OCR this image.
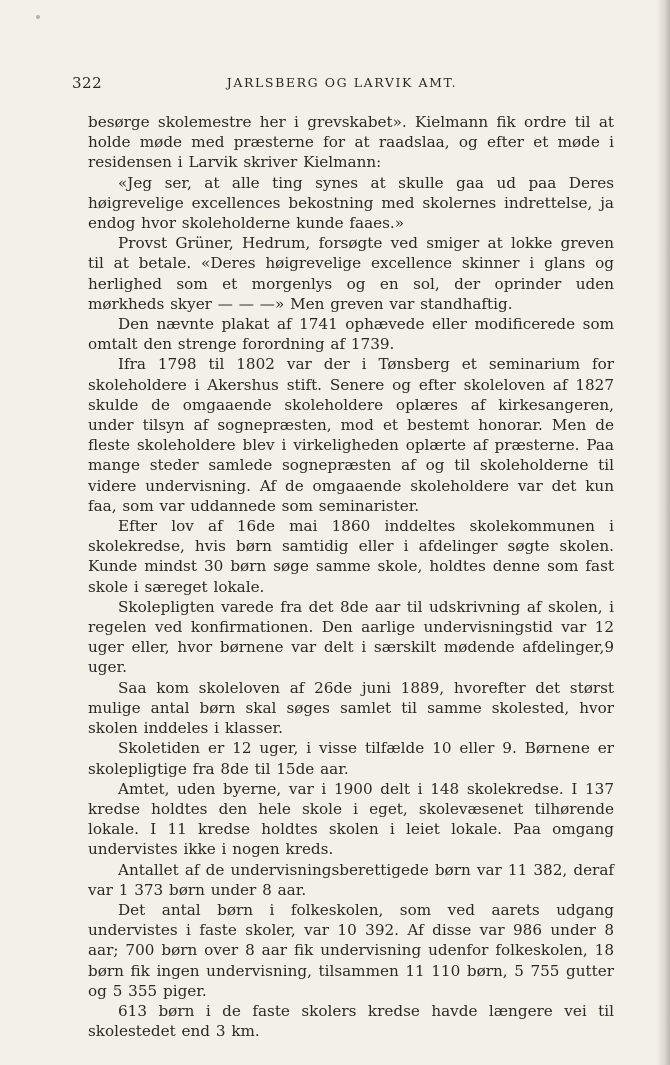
322	JARLSBERG OG LARVIK AMT.

besørge skolemestre her i grevskabet». Kielmann fik ordre til at holde møde med præsterne for at raadslaa, og efter et møde i residensen i Larvik skriver Kielmann:

«Jeg ser, at alle ting synes at skulle gaa ud paa Deres høigrevelige excellences bekostning med skolernes indrettelse, ja endog hvor skoleholderne kunde faaes.»

Provst Grüner, Hedrum, forsøgte ved smiger at lokke greven til at betale. «Deres høigrevelige excellence skinner i glans og herlighed som et morgenlys og en sol, der oprinder uden mørkheds skyer — — —» Men greven var standhaftig.

Den nævnte plakat af 1741 ophævede eller modificerede som omtalt den strenge forordning af 1739.

Ifra 1798 til 1802 var der i Tønsberg et seminarium for skoleholdere i Akershus stift. Senere og efter skoleloven af 1827 skulde de omgaaende skoleholdere oplæres af kirkesangeren, under tilsyn af sognepræsten, mod et bestemt honorar. Men de fleste skoleholdere blev i virkeligheden oplærte af præsterne. Paa mange steder samlede sognepræsten af og til skoleholderne til videre undervisning. Af de omgaaende skoleholdere var det kun faa, som var uddannede som seminarister.

Efter lov af 16de mai 1860 inddeltes skolekommunen i skolekredse, hvis børn samtidig eller i afdelinger søgte skolen. Kunde mindst 30 børn søge samme skole, holdtes denne som fast skole i særeget lokale.

Skolepligten varede fra det 8de aar til udskrivning af skolen, i regelen ved konfirmationen. Den aarlige undervisningstid var 12 uger eller, hvor børnene var delt i særskilt mødende afdelinger,9 uger.

Saa kom skoleloven af 26de juni 1889, hvorefter det størst mulige antal børn skal søges samlet til samme skolested, hvor skolen inddeles i klasser.

Skoletiden er 12 uger, i visse tilfælde 10 eller 9. Børnene er skolepligtige fra 8de til 15de aar.

Amtet, uden byerne, var i 1900 delt i 148 skolekredse. I 137 kredse holdtes den hele skole i eget, skolevæsenet tilhørende lokale. I 11 kredse holdtes skolen i leiet lokale. Paa omgang undervistes ikke i nogen kreds.

Antallet af de undervisningsberettigede børn var 11 382, deraf var 1 373 børn under 8 aar.

Det antal børn i folkeskolen, som ved aarets udgang undervistes i faste skoler, var 10 392. Af disse var 986 under 8 aar; 700 børn over 8 aar fik undervisning udenfor folkeskolen, 18 børn fik ingen undervisning, tilsammen 11 110 børn, 5 755 gutter og 5 355 piger.

613 børn i de faste skolers kredse havde længere vei til skolestedet end 3 km.
